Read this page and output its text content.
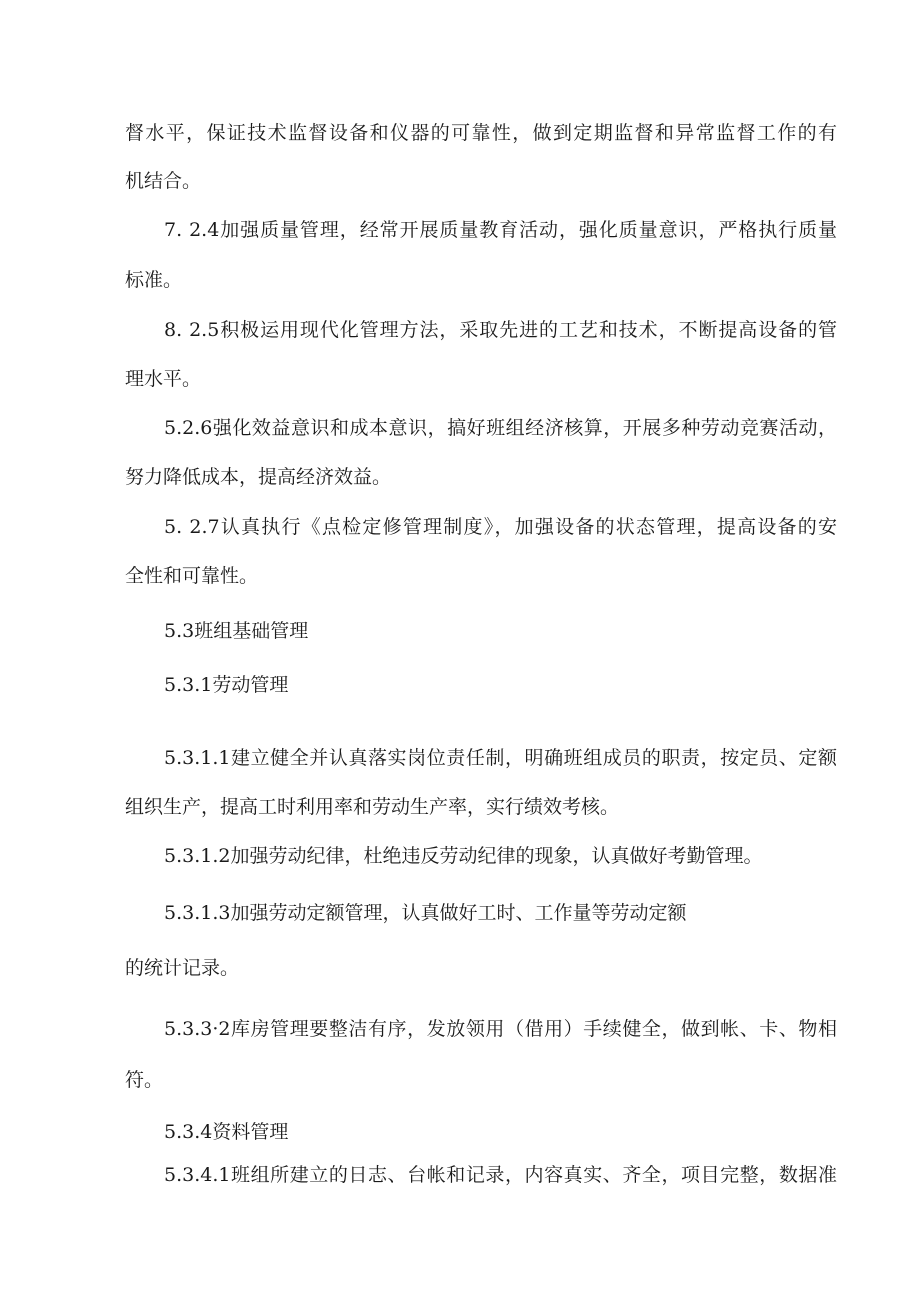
督水平，保证技术监督设备和仪器的可靠性，做到定期监督和异常监督工作的有
机结合。
7. 2.4加强质量管理，经常开展质量教育活动，强化质量意识，严格执行质量
标准。
8. 2.5积极运用现代化管理方法，采取先进的工艺和技术，不断提高设备的管
理水平。
5.2.6强化效益意识和成本意识，搞好班组经济核算，开展多种劳动竞赛活动，
努力降低成本，提高经济效益。
5. 2.7认真执行《点检定修管理制度》，加强设备的状态管理，提高设备的安
全性和可靠性。
5.3班组基础管理
5.3.1劳动管理
5.3.1.1建立健全并认真落实岗位责任制，明确班组成员的职责，按定员、定额
组织生产，提高工时利用率和劳动生产率，实行绩效考核。
5.3.1.2加强劳动纪律，杜绝违反劳动纪律的现象，认真做好考勤管理。
5.3.1.3加强劳动定额管理，认真做好工时、工作量等劳动定额
的统计记录。
5.3.3·2库房管理要整洁有序，发放领用（借用）手续健全，做到帐、卡、物相
符。
5.3.4资料管理
5.3.4.1班组所建立的日志、台帐和记录，内容真实、齐全，项目完整，数据准
